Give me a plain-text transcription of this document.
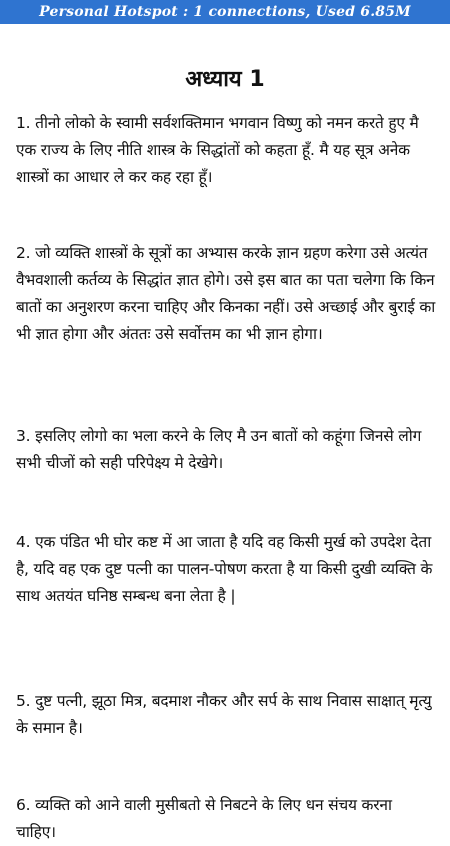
Personal Hotspot : 1 connections, Used 6.85M
अध्याय 1

1. तीनो लोको के स्वामी सर्वशक्तिमान भगवान विष्णु को नमन करते हुए मै एक राज्य के लिए नीति शास्त्र के सिद्धांतों को कहता हूँ. मै यह सूत्र अनेक शास्त्रों का आधार ले कर कह रहा हूँ।

2. जो व्यक्ति शास्त्रों के सूत्रों का अभ्यास करके ज्ञान ग्रहण करेगा उसे अत्यंत वैभवशाली कर्तव्य के सिद्धांत ज्ञात होगे। उसे इस बात का पता चलेगा कि किन बातों का अनुशरण करना चाहिए और किनका नहीं। उसे अच्छाई और बुराई का भी ज्ञात होगा और अंततः उसे सर्वोत्तम का भी ज्ञान होगा।

3. इसलिए लोगो का भला करने के लिए मै उन बातों को कहूंगा जिनसे लोग सभी चीजों को सही परिपेक्ष्य मे देखेगे।

4. एक पंडित भी घोर कष्ट में आ जाता है यदि वह किसी मुर्ख को उपदेश देता है, यदि वह एक दुष्ट पत्नी का पालन-पोषण करता है या किसी दुखी व्यक्ति के साथ अतयंत घनिष्ठ सम्बन्ध बना लेता है |

5. दुष्ट पत्नी, झूठा मित्र, बदमाश नौकर और सर्प के साथ निवास साक्षात् मृत्यु के समान है।

6. व्यक्ति को आने वाली मुसीबतो से निबटने के लिए धन संचय करना चाहिए।
